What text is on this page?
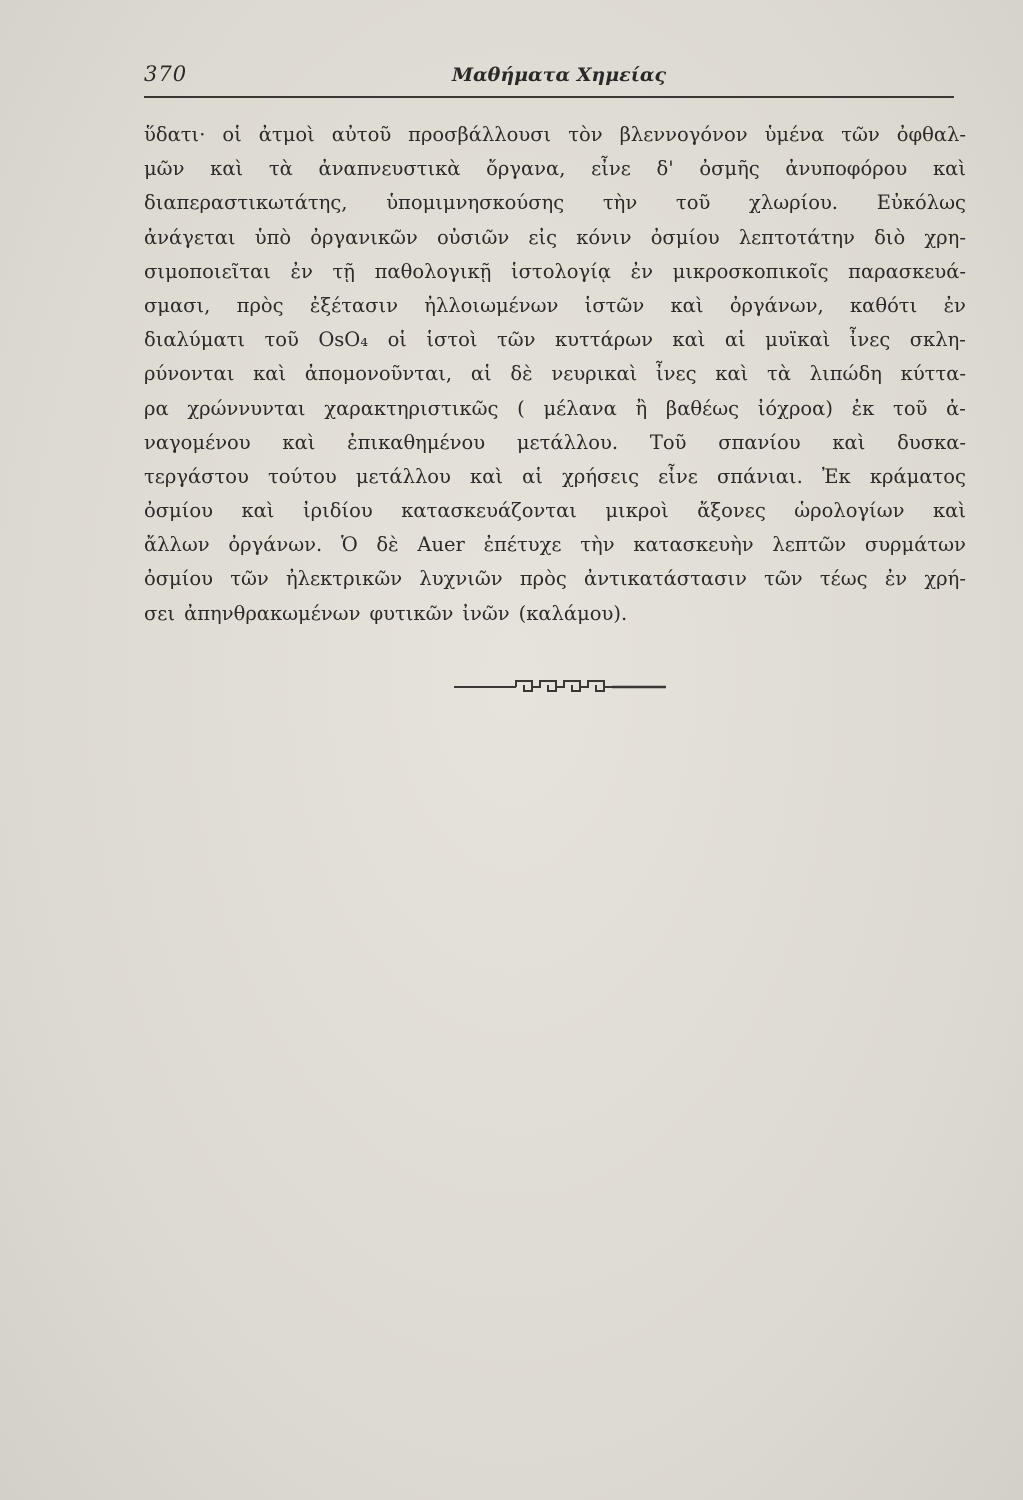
370	Μαθήματα Χημείας
ὕδατι· οἱ ἀτμοὶ αὐτοῦ προσβάλλουσι τὸν βλεννογόνον ὑμένα τῶν ὀφθαλ-
μῶν καὶ τὰ ἀναπνευστικὰ ὄργανα, εἶνε δ' ὀσμῆς ἀνυποφόρου καὶ
διαπεραστικωτάτης, ὑπομιμνησκούσης τὴν τοῦ χλωρίου. Εὐκόλως
ἀνάγεται ὑπὸ ὀργανικῶν οὐσιῶν εἰς κόνιν ὀσμίου λεπτοτάτην διὸ χρη-
σιμοποιεῖται ἐν τῇ παθολογικῇ ἱστολογίᾳ ἐν μικροσκοπικοῖς παρασκευά-
σμασι, πρὸς ἐξέτασιν ἠλλοιωμένων ἱστῶν καὶ ὀργάνων, καθότι ἐν
διαλύματι τοῦ OsO₄ οἱ ἱστοὶ τῶν κυττάρων καὶ αἱ μυϊκαὶ ἶνες σκλη-
ρύνονται καὶ ἀπομονοῦνται, αἱ δὲ νευρικαὶ ἶνες καὶ τὰ λιπώδη κύττα-
ρα χρώννυνται χαρακτηριστικῶς ( μέλανα ἢ βαθέως ἰόχροα) ἐκ τοῦ ἀ-
ναγομένου καὶ ἐπικαθημένου μετάλλου. Τοῦ σπανίου καὶ δυσκα-
τεργάστου τούτου μετάλλου καὶ αἱ χρήσεις εἶνε σπάνιαι. Ἐκ κράματος
ὀσμίου καὶ ἰριδίου κατασκευάζονται μικροὶ ἄξονες ὡρολογίων καὶ
ἄλλων ὀργάνων. Ὁ δὲ Auer ἐπέτυχε τὴν κατασκευὴν λεπτῶν συρμάτων
ὀσμίου τῶν ἠλεκτρικῶν λυχνιῶν πρὸς ἀντικατάστασιν τῶν τέως ἐν χρή-
σει ἀπηνθρακωμένων φυτικῶν ἰνῶν (καλάμου).
